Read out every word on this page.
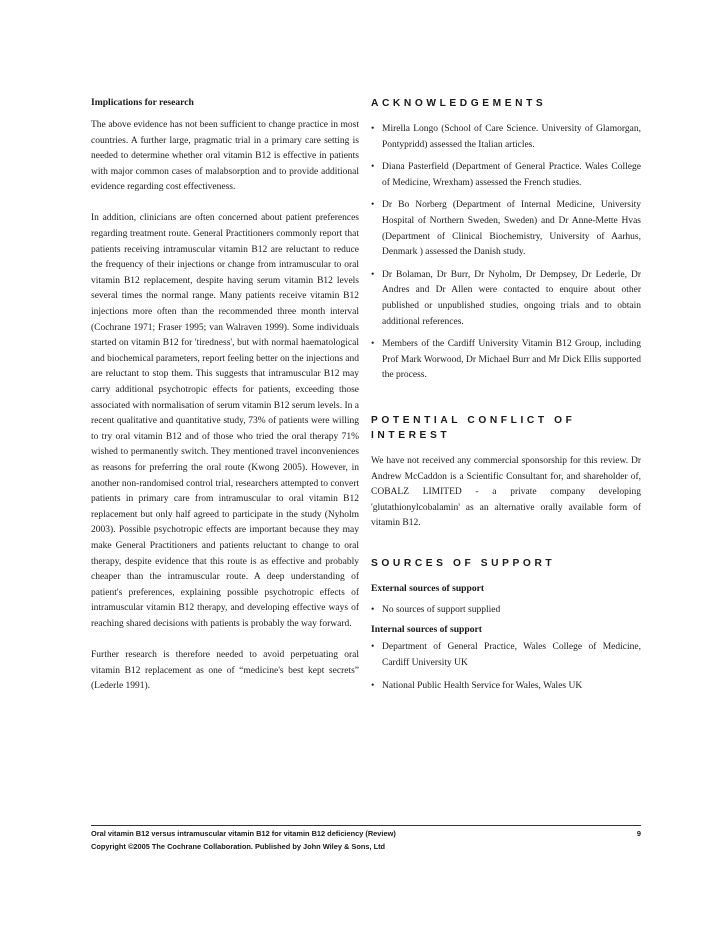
Implications for research

The above evidence has not been sufficient to change practice in most countries. A further large, pragmatic trial in a primary care setting is needed to determine whether oral vitamin B12 is effective in patients with major common cases of malabsorption and to provide additional evidence regarding cost effectiveness.

In addition, clinicians are often concerned about patient preferences regarding treatment route. General Practitioners commonly report that patients receiving intramuscular vitamin B12 are reluctant to reduce the frequency of their injections or change from intramuscular to oral vitamin B12 replacement, despite having serum vitamin B12 levels several times the normal range. Many patients receive vitamin B12 injections more often than the recommended three month interval (Cochrane 1971; Fraser 1995; van Walraven 1999). Some individuals started on vitamin B12 for 'tiredness', but with normal haematological and biochemical parameters, report feeling better on the injections and are reluctant to stop them. This suggests that intramuscular B12 may carry additional psychotropic effects for patients, exceeding those associated with normalisation of serum vitamin B12 serum levels. In a recent qualitative and quantitative study, 73% of patients were willing to try oral vitamin B12 and of those who tried the oral therapy 71% wished to permanently switch. They mentioned travel inconveniences as reasons for preferring the oral route (Kwong 2005). However, in another non-randomised control trial, researchers attempted to convert patients in primary care from intramuscular to oral vitamin B12 replacement but only half agreed to participate in the study (Nyholm 2003). Possible psychotropic effects are important because they may make General Practitioners and patients reluctant to change to oral therapy, despite evidence that this route is as effective and probably cheaper than the intramuscular route. A deep understanding of patient's preferences, explaining possible psychotropic effects of intramuscular vitamin B12 therapy, and developing effective ways of reaching shared decisions with patients is probably the way forward.

Further research is therefore needed to avoid perpetuating oral vitamin B12 replacement as one of “medicine's best kept secrets” (Lederle 1991).

ACKNOWLEDGEMENTS
• Mirella Longo (School of Care Science. University of Glamorgan, Pontypridd) assessed the Italian articles.
• Diana Pasterfield (Department of General Practice. Wales College of Medicine, Wrexham) assessed the French studies.
• Dr Bo Norberg (Department of Internal Medicine, University Hospital of Northern Sweden, Sweden) and Dr Anne-Mette Hvas (Department of Clinical Biochemistry, University of Aarhus, Denmark ) assessed the Danish study.
• Dr Bolaman, Dr Burr, Dr Nyholm, Dr Dempsey, Dr Lederle, Dr Andres and Dr Allen were contacted to enquire about other published or unpublished studies, ongoing trials and to obtain additional references.
• Members of the Cardiff University Vitamin B12 Group, including Prof Mark Worwood, Dr Michael Burr and Mr Dick Ellis supported the process.
POTENTIAL CONFLICT OF INTEREST

We have not received any commercial sponsorship for this review. Dr Andrew McCaddon is a Scientific Consultant for, and shareholder of, COBALZ LIMITED - a private company developing 'glutathionylcobalamin' as an alternative orally available form of vitamin B12.

SOURCES OF SUPPORT
External sources of support
• No sources of support supplied
Internal sources of support
• Department of General Practice, Wales College of Medicine, Cardiff University UK
• National Public Health Service for Wales, Wales UK
Oral vitamin B12 versus intramuscular vitamin B12 for vitamin B12 deficiency (Review)	9
Copyright ©2005 The Cochrane Collaboration. Published by John Wiley & Sons, Ltd
